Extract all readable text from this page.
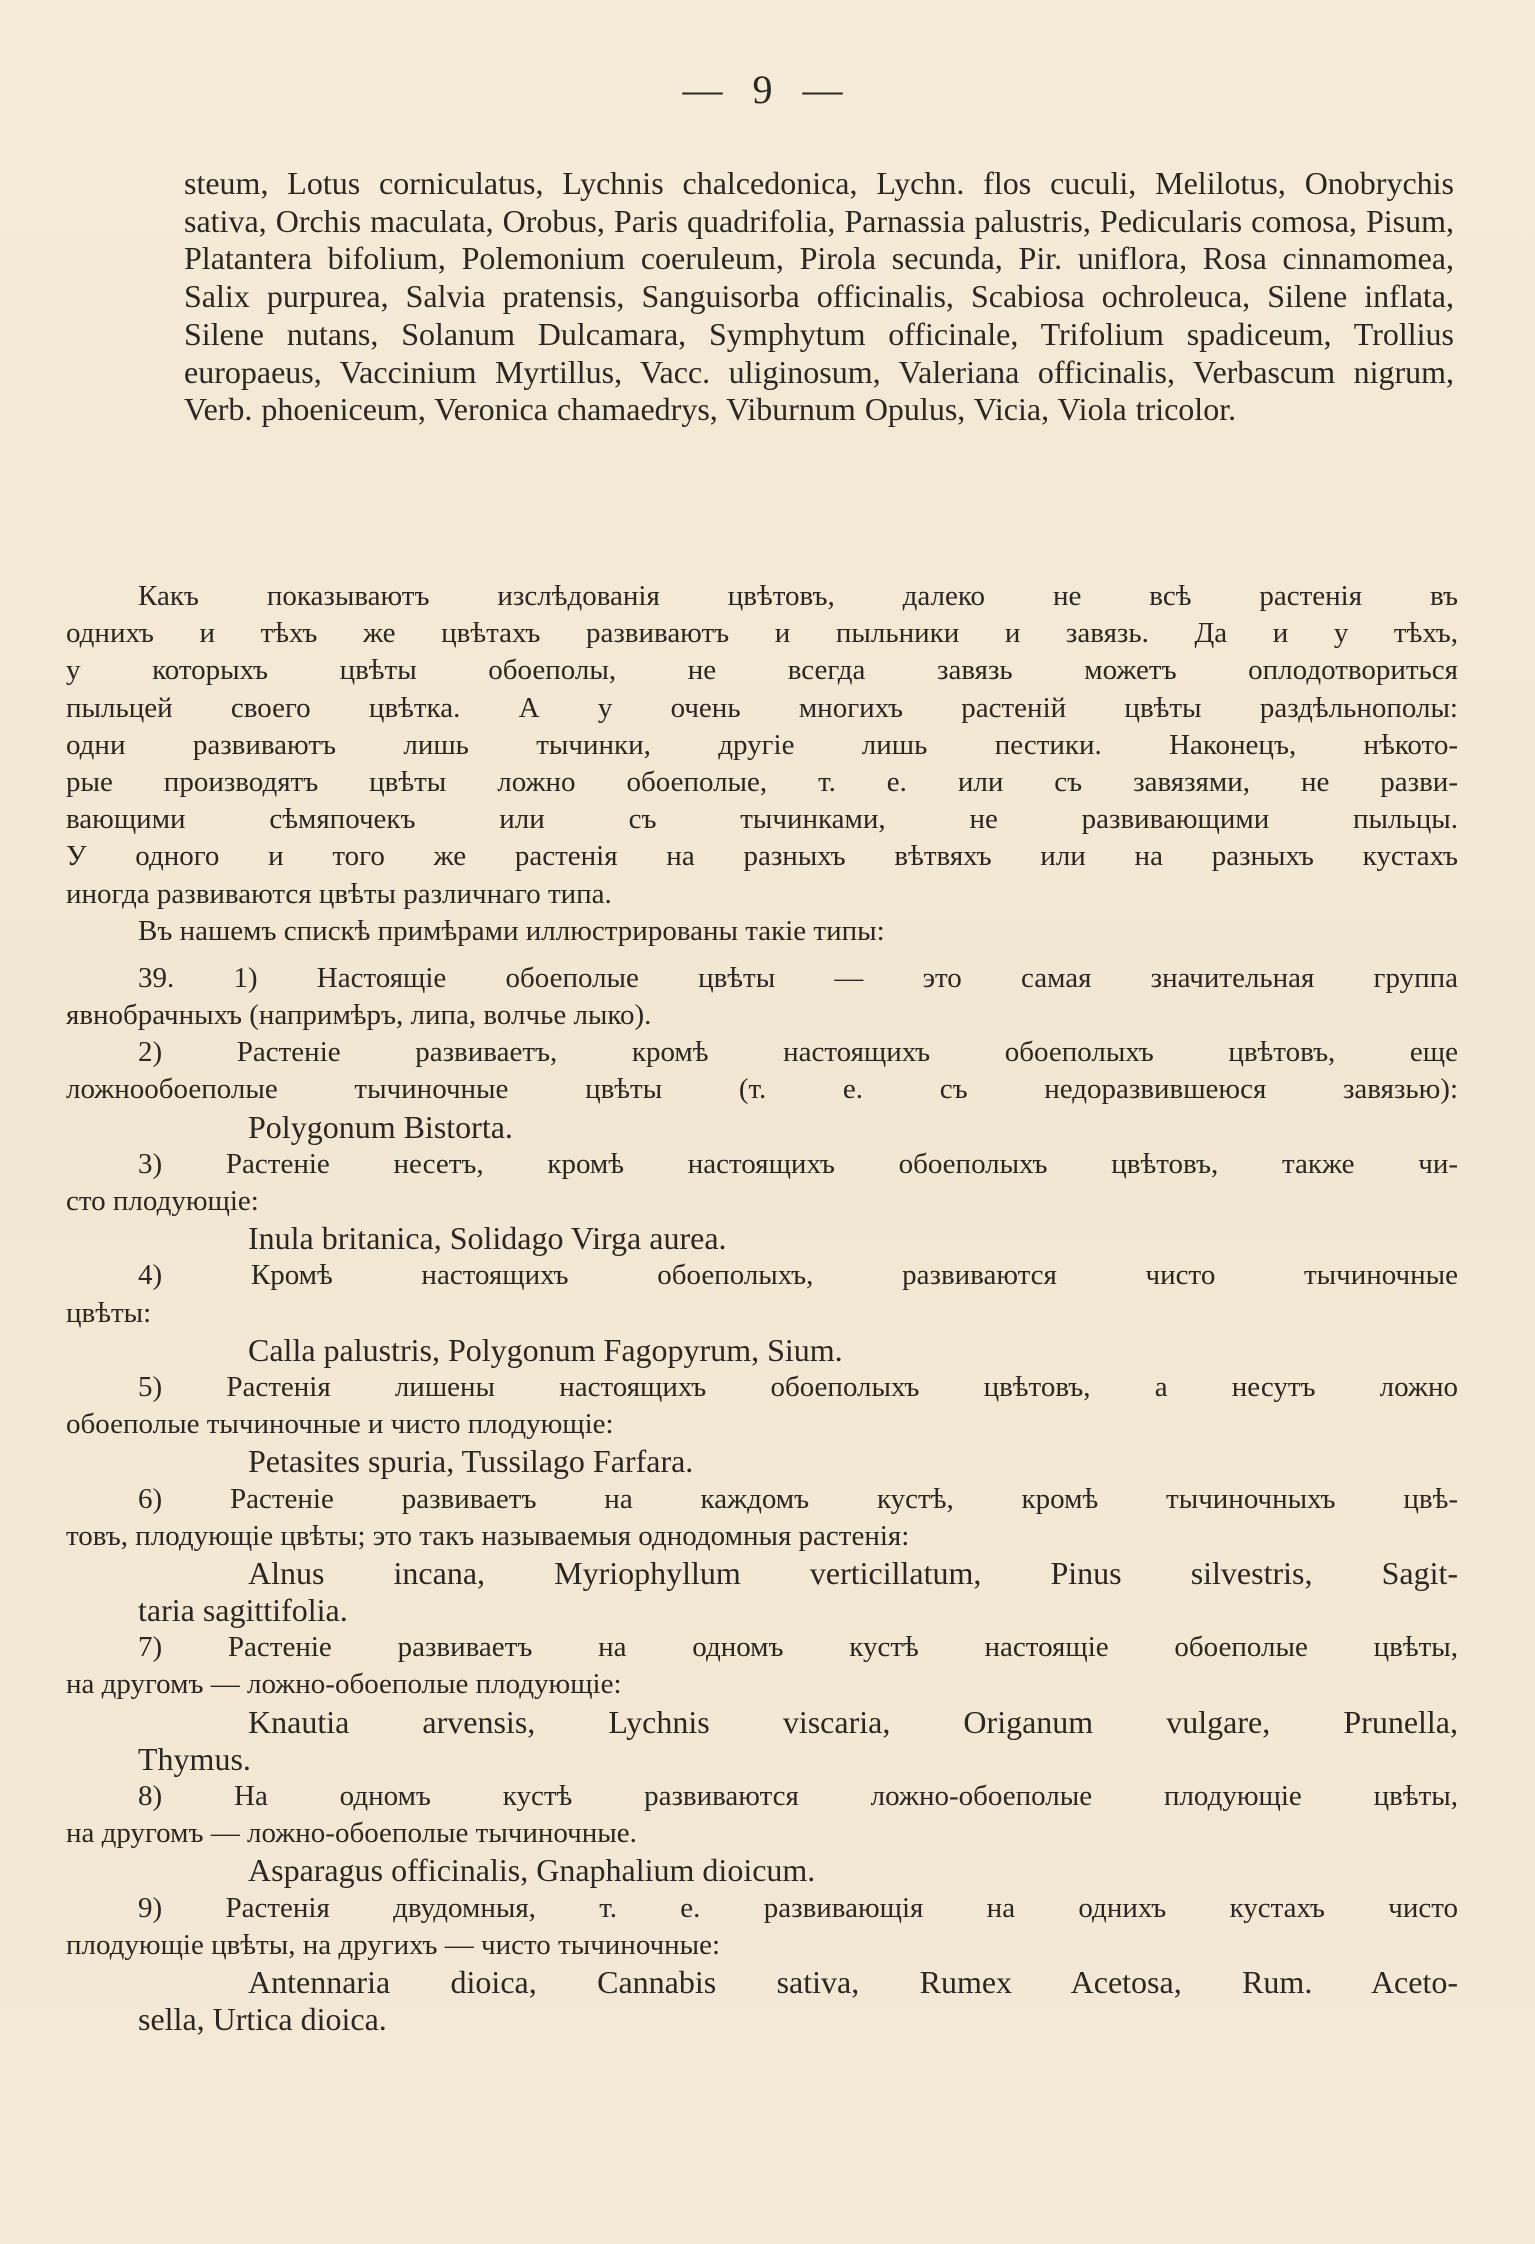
— 9 —
steum, Lotus corniculatus, Lychnis chalcedonica, Lychn. flos cuculi, Melilotus, Onobrychis sativa, Orchis maculata, Orobus, Paris quadrifolia, Parnassia palustris, Pedicularis comosa, Pisum, Platantera bifolium, Polemonium coeruleum, Pirola secunda, Pir. uniflora, Rosa cinnamomea, Salix purpurea, Salvia pratensis, Sanguisorba officinalis, Scabiosa ochroleuca, Silene inflata, Silene nutans, Solanum Dulcamara, Symphytum officinale, Trifolium spadiceum, Trollius europaeus, Vaccinium Myrtillus, Vacc. uliginosum, Valeriana officinalis, Verbascum nigrum, Verb. phoeniceum, Veronica chamaedrys, Viburnum Opulus, Vicia, Viola tricolor.
Какъ показываютъ изслѣдованія цвѣтовъ, далеко не всѣ растенія въ
однихъ и тѣхъ же цвѣтахъ развиваютъ и пыльники и завязь. Да и у тѣхъ,
у которыхъ цвѣты обоеполы, не всегда завязь можетъ оплодотвориться
пыльцей своего цвѣтка. А у очень многихъ растеній цвѣты раздѣльнополы:
одни развиваютъ лишь тычинки, другіе лишь пестики. Наконецъ, нѣкото-
рые производятъ цвѣты ложно обоеполые, т. е. или съ завязями, не разви-
вающими сѣмяпочекъ или съ тычинками, не развивающими пыльцы.
У одного и того же растенія на разныхъ вѣтвяхъ или на разныхъ кустахъ
иногда развиваются цвѣты различнаго типа.
Въ нашемъ спискѣ примѣрами иллюстрированы такіе типы:
39. 1) Настоящіе обоеполые цвѣты — это самая значительная группа
явнобрачныхъ (напримѣръ, липа, волчье лыко).
2) Растеніе развиваетъ, кромѣ настоящихъ обоеполыхъ цвѣтовъ, еще
ложнообоеполые тычиночные цвѣты (т. е. съ недоразвившеюся завязью):
Polygonum Bistorta.
3) Растеніе несетъ, кромѣ настоящихъ обоеполыхъ цвѣтовъ, также чи-
сто плодующіе:
Inula britanica, Solidago Virga aurea.
4) Кромѣ настоящихъ обоеполыхъ, развиваются чисто тычиночные
цвѣты:
Calla palustris, Polygonum Fagopyrum, Sium.
5) Растенія лишены настоящихъ обоеполыхъ цвѣтовъ, а несутъ ложно
обоеполые тычиночные и чисто плодующіе:
Petasites spuria, Tussilago Farfara.
6) Растеніе развиваетъ на каждомъ кустѣ, кромѣ тычиночныхъ цвѣ-
товъ, плодующіе цвѣты; это такъ называемыя однодомныя растенія:
Alnus incana, Myriophyllum verticillatum, Pinus silvestris, Sagit-
taria sagittifolia.
7) Растеніе развиваетъ на одномъ кустѣ настоящіе обоеполые цвѣты,
на другомъ — ложно-обоеполые плодующіе:
Knautia arvensis, Lychnis viscaria, Origanum vulgare, Prunella,
Thymus.
8) На одномъ кустѣ развиваются ложно-обоеполые плодующіе цвѣты,
на другомъ — ложно-обоеполые тычиночные.
Asparagus officinalis, Gnaphalium dioicum.
9) Растенія двудомныя, т. е. развивающія на однихъ кустахъ чисто
плодующіе цвѣты, на другихъ — чисто тычиночные:
Antennaria dioica, Cannabis sativa, Rumex Acetosa, Rum. Aceto-
sella, Urtica dioica.
